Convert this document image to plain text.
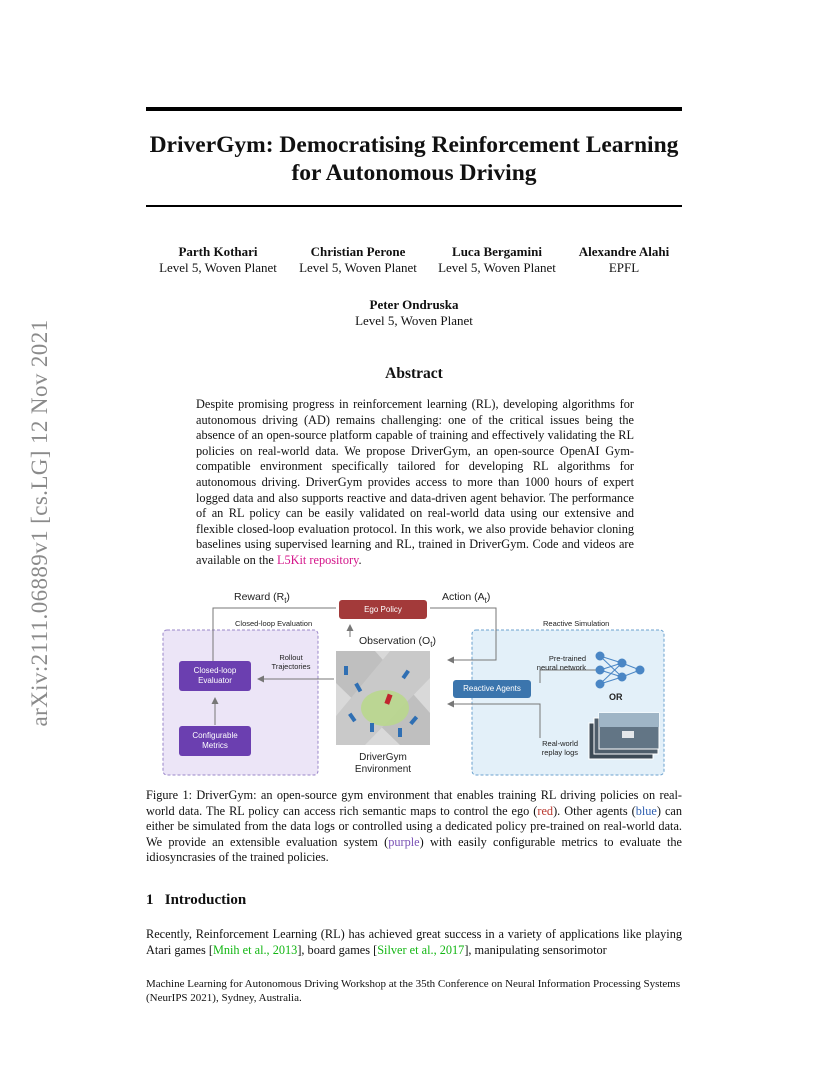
arXiv:2111.06889v1 [cs.LG] 12 Nov 2021
DriverGym: Democratising Reinforcement Learning
for Autonomous Driving
Parth Kothari
Level 5, Woven Planet
Christian Perone
Level 5, Woven Planet
Luca Bergamini
Level 5, Woven Planet
Alexandre Alahi
EPFL
Peter Ondruska
Level 5, Woven Planet
Abstract
Despite promising progress in reinforcement learning (RL), developing algorithms for autonomous driving (AD) remains challenging: one of the critical issues being the absence of an open-source platform capable of training and effectively validating the RL policies on real-world data. We propose DriverGym, an open-source OpenAI Gym-compatible environment specifically tailored for developing RL algorithms for autonomous driving. DriverGym provides access to more than 1000 hours of expert logged data and also supports reactive and data-driven agent behavior. The performance of an RL policy can be easily validated on real-world data using our extensive and flexible closed-loop evaluation protocol. In this work, we also provide behavior cloning baselines using supervised learning and RL, trained in DriverGym. Code and videos are available on the L5Kit repository.
Reward $(R_t)$	Action $(A_t)$
Ego Policy
Closed-loop Evaluation	Reactive Simulation
Observation $(O_t)$
Closed-loop Evaluator
Rollout Trajectories
Configurable Metrics
Pre-trained neural network
Reactive Agents
OR
Real-world replay logs
DriverGym
Environment
Figure 1: DriverGym: an open-source gym environment that enables training RL driving policies on real-world data. The RL policy can access rich semantic maps to control the ego (red). Other agents (blue) can either be simulated from the data logs or controlled using a dedicated policy pre-trained on real-world data. We provide an extensible evaluation system (purple) with easily configurable metrics to evaluate the idiosyncrasies of the trained policies.
1 Introduction
Recently, Reinforcement Learning (RL) has achieved great success in a variety of applications like playing Atari games [Mnih et al., 2013], board games [Silver et al., 2017], manipulating sensorimotor
Machine Learning for Autonomous Driving Workshop at the 35th Conference on Neural Information Processing Systems (NeurIPS 2021), Sydney, Australia.
